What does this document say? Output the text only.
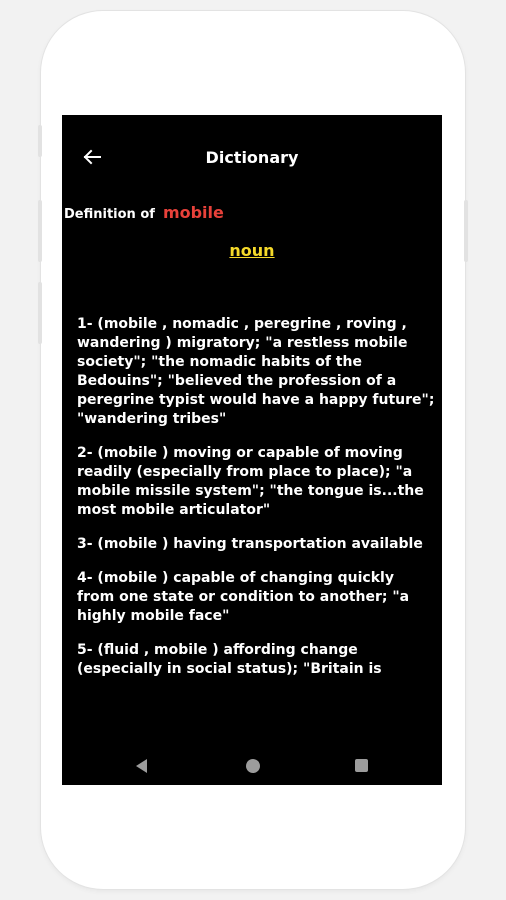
Dictionary
Definition of mobile
noun

1- (mobile , nomadic , peregrine , roving , wandering ) migratory; "a restless mobile society"; "the nomadic habits of the Bedouins"; "believed the profession of a peregrine typist would have a happy future"; "wandering tribes"

2- (mobile ) moving or capable of moving readily (especially from place to place); "a mobile missile system"; "the tongue is...the most mobile articulator"

3- (mobile ) having transportation available

4- (mobile ) capable of changing quickly from one state or condition to another; "a highly mobile face"

5- (fluid , mobile ) affording change (especially in social status); "Britain is
